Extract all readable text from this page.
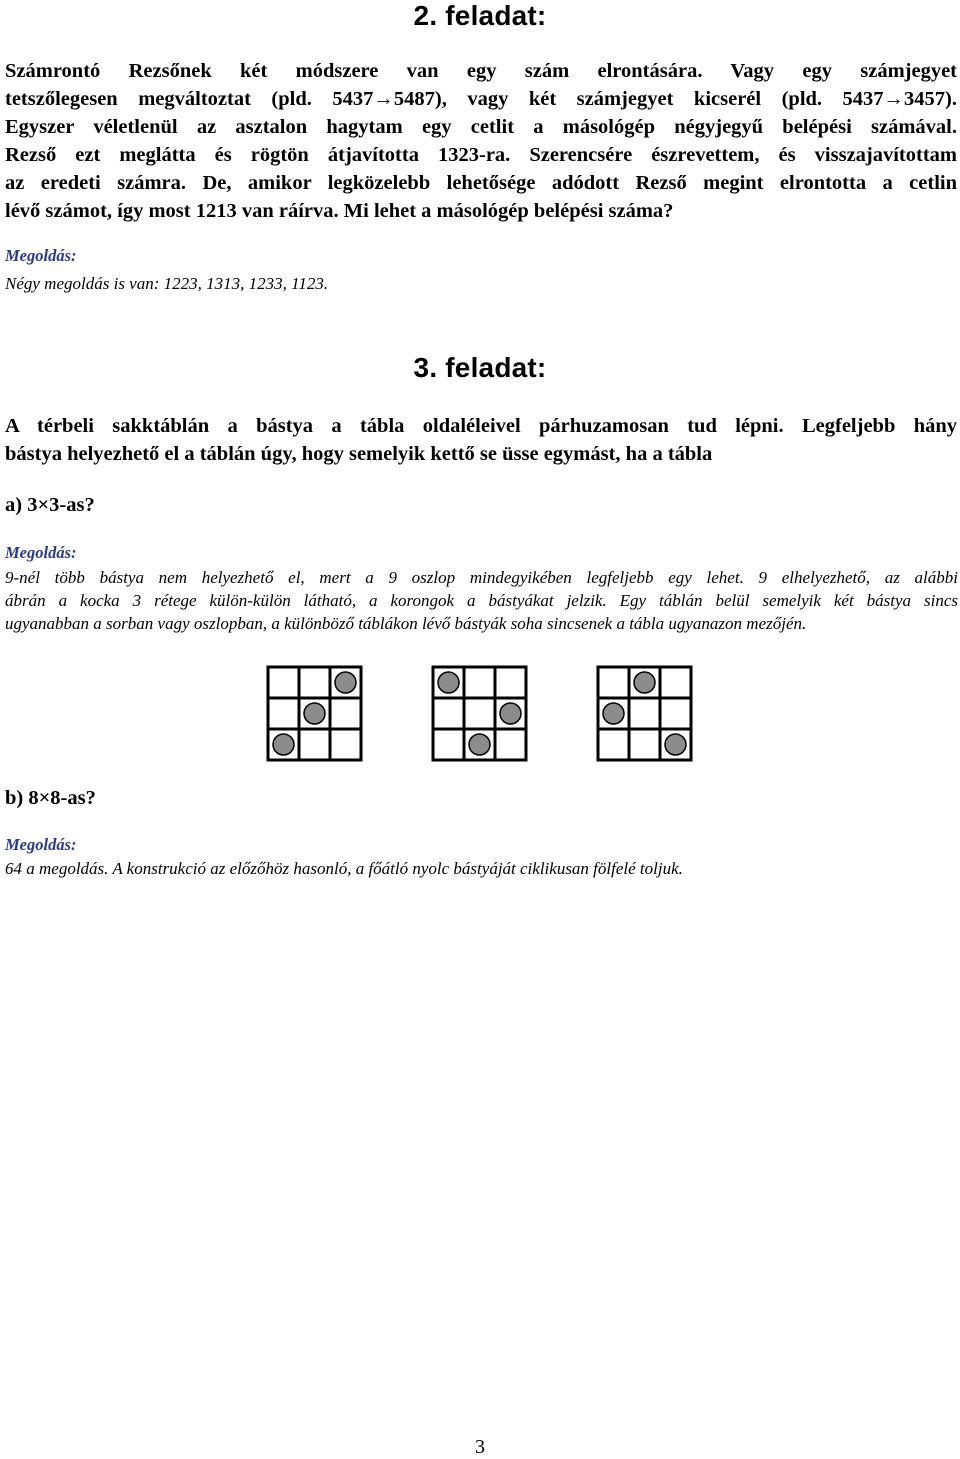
2. feladat:
Számrontó Rezsőnek két módszere van egy szám elrontására. Vagy egy számjegyet
tetszőlegesen megváltoztat (pld. 5437→5487), vagy két számjegyet kicserél (pld. 5437→3457).
Egyszer véletlenül az asztalon hagytam egy cetlit a másológép négyjegyű belépési számával.
Rezső ezt meglátta és rögtön átjavította 1323-ra. Szerencsére észrevettem, és visszajavítottam
az eredeti számra. De, amikor legközelebb lehetősége adódott Rezső megint elrontotta a cetlin
lévő számot, így most 1213 van ráírva. Mi lehet a másológép belépési száma?
Megoldás:
Négy megoldás is van: 1223, 1313, 1233, 1123.
3. feladat:
A térbeli sakktáblán a bástya a tábla oldaléleivel párhuzamosan tud lépni. Legfeljebb hány
bástya helyezhető el a táblán úgy, hogy semelyik kettő se üsse egymást, ha a tábla
a) 3×3-as?
Megoldás:
9-nél több bástya nem helyezhető el, mert a 9 oszlop mindegyikében legfeljebb egy lehet. 9 elhelyezhető, az alábbi
ábrán a kocka 3 rétege külön-külön látható, a korongok a bástyákat jelzik. Egy táblán belül semelyik két bástya sincs
ugyanabban a sorban vagy oszlopban, a különböző táblákon lévő bástyák soha sincsenek a tábla ugyanazon mezőjén.
b) 8×8-as?
Megoldás:
64 a megoldás. A konstrukció az előzőhöz hasonló, a főátló nyolc bástyáját ciklikusan fölfelé toljuk.
3
